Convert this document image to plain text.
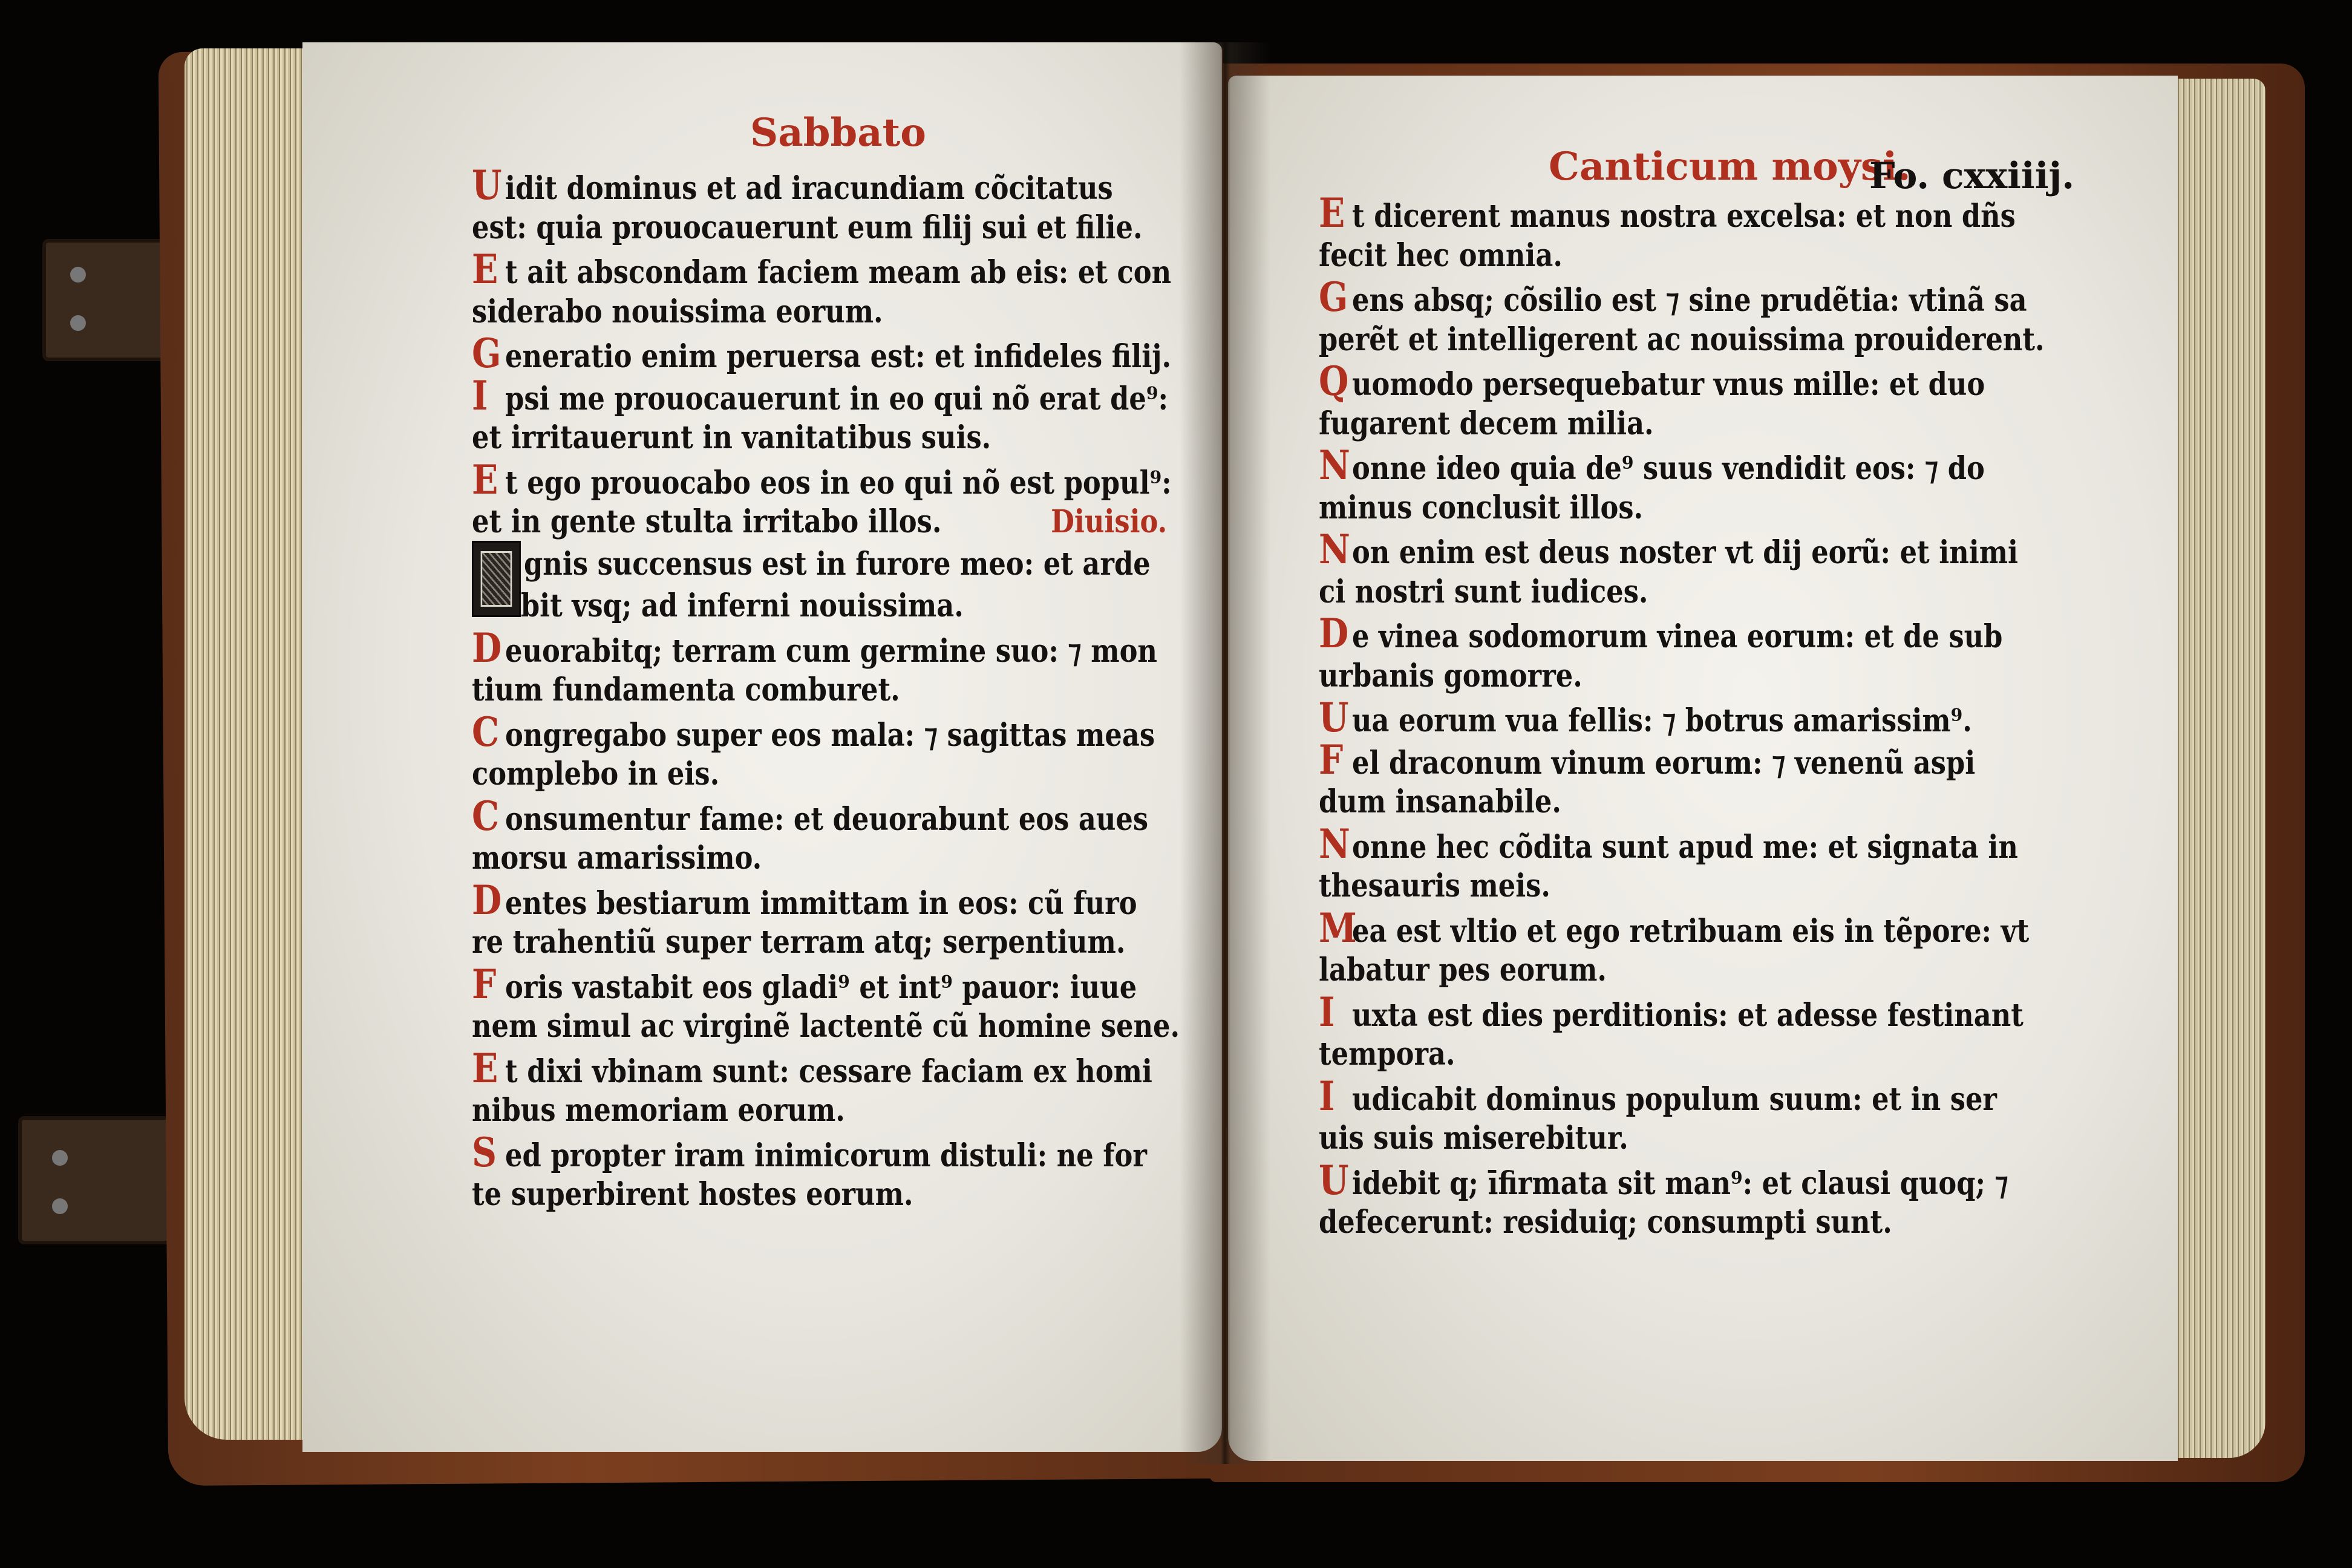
Sabbato
U idit dominus et ad iracundiam cõcitatus
est: quia prouocauerunt eum filij sui et filie.
E t ait abscondam faciem meam ab eis: et con
siderabo nouissima eorum.
G eneratio enim peruersa est: et infideles filij.
I psi me prouocauerunt in eo qui nõ erat de⁹:
et irritauerunt in vanitatibus suis.
E t ego prouocabo eos in eo qui nõ est popul⁹:
et in gente stulta irritabo illos.	Diuisio.
gnis succensus est in furore meo: et arde
bit vsq; ad inferni nouissima.
D euorabitq; terram cum germine suo: ⁊ mon
tium fundamenta comburet.
C ongregabo super eos mala: ⁊ sagittas meas
complebo in eis.
C onsumentur fame: et deuorabunt eos aues
morsu amarissimo.
D entes bestiarum immittam in eos: cũ furo
re trahentiũ super terram atq; serpentium.
F oris vastabit eos gladi⁹ et int⁹ pauor: iuue
nem simul ac virginẽ lactentẽ cũ homine sene.
E t dixi vbinam sunt: cessare faciam ex homi
nibus memoriam eorum.
S ed propter iram inimicorum distuli: ne for
te superbirent hostes eorum.
Canticum moysi.
Fo. cxxiiij.
E t dicerent manus nostra excelsa: et non dñs
fecit hec omnia.
G ens absq; cõsilio est ⁊ sine prudẽtia: vtinã sa
perẽt et intelligerent ac nouissima prouiderent.
Q uomodo persequebatur vnus mille: et duo
fugarent decem milia.
Nonne ideo quia de⁹ suus vendidit eos: ⁊ do
minus conclusit illos.
Non enim est deus noster vt dij eorũ: et inimi
ci nostri sunt iudices.
D e vinea sodomorum vinea eorum: et de sub
urbanis gomorre.
U ua eorum vua fellis: ⁊ botrus amarissim⁹.
F el draconum vinum eorum: ⁊ venenũ aspi
dum insanabile.
Nonne hec cõdita sunt apud me: et signata in
thesauris meis.
Mea est vltio et ego retribuam eis in tẽpore: vt
labatur pes eorum.
I uxta est dies perditionis: et adesse festinant
tempora.
I udicabit dominus populum suum: et in ser
uis suis miserebitur.
U idebit q; īfirmata sit man⁹: et clausi quoq; ⁊
defecerunt: residuiq; consumpti sunt.
